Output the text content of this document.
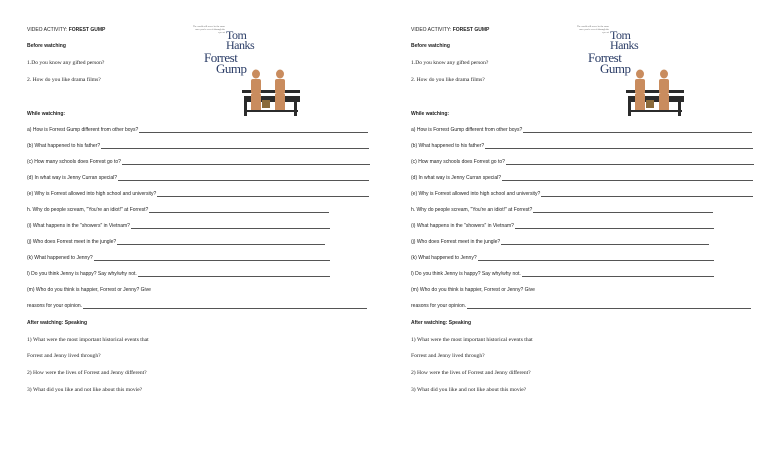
VIDEO ACTIVITY: FOREST GUMP
Before watching
1.Do you know any gifted person?
2. How do you like drama films?
The world will never be the same once you've seen it through the eyes of Tom
Hanks
Forrest
Gump
While watching:
a) How is Forrest Gump different from other boys?
(b) What happened to his father?
(c) How many schools does Forrest go to?
(d) In what way is Jenny Curran special?
(e) Why is Forrest allowed into high school and university?
h. Why do people scream, "You're an idiot!" at Forrest?
(i) What happens in the "showers" in Vietnam?
(j) Who does Forrest meet in the jungle?
(k) What happened to Jenny?
l) Do you think Jenny is happy? Say why/why not.
(m) Who do you think is happier, Forrest or Jenny? Give
reasons for your opinion.
After watching: Speaking
1) What were the most important historical events that
Forrest and Jenny lived through?
2) How were the lives of Forrest and Jenny different?
3) What did you like and not like about this movie?
VIDEO ACTIVITY: FOREST GUMP
Before watching
1.Do you know any gifted person?
2. How do you like drama films?
The world will never be the same once you've seen it through the eyes of Tom
Hanks
Forrest
Gump
While watching:
a) How is Forrest Gump different from other boys?
(b) What happened to his father?
(c) How many schools does Forrest go to?
(d) In what way is Jenny Curran special?
(e) Why is Forrest allowed into high school and university?
h. Why do people scream, "You're an idiot!" at Forrest?
(i) What happens in the "showers" in Vietnam?
(j) Who does Forrest meet in the jungle?
(k) What happened to Jenny?
l) Do you think Jenny is happy? Say why/why not.
(m) Who do you think is happier, Forrest or Jenny? Give
reasons for your opinion.
After watching: Speaking
1) What were the most important historical events that
Forrest and Jenny lived through?
2) How were the lives of Forrest and Jenny different?
3) What did you like and not like about this movie?
